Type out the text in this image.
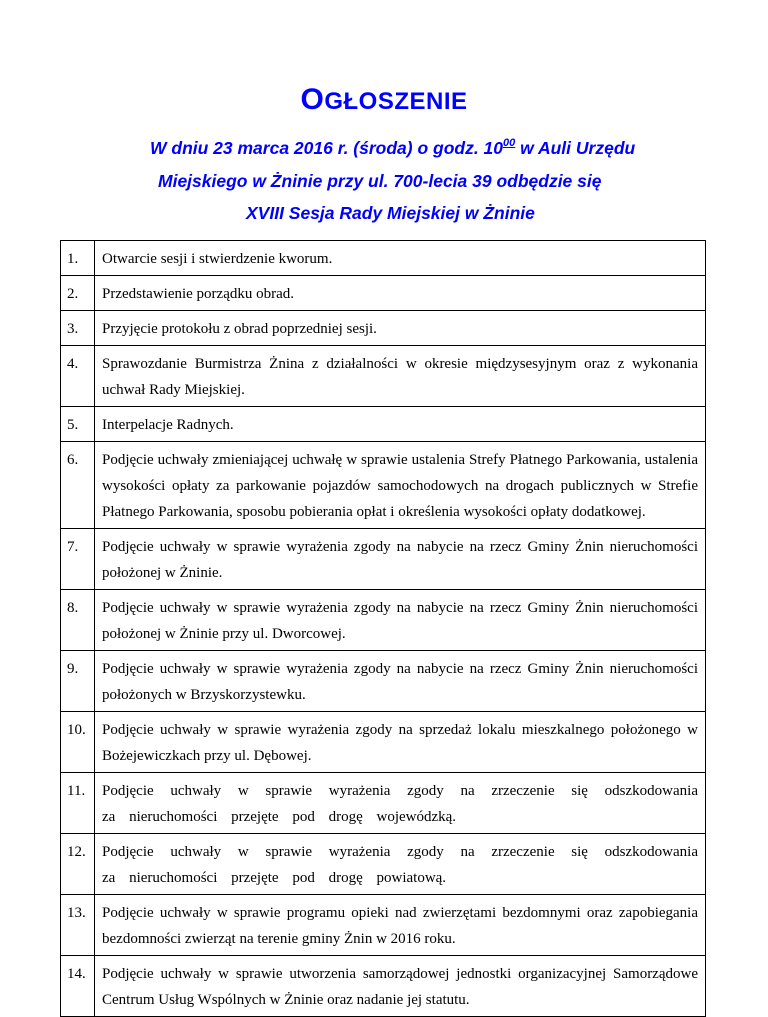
OGŁOSZENIE
W dniu 23 marca 2016 r. (środa) o godz. $10^{00}$ w Auli Urzędu
Miejskiego w Żninie przy ul. 700-lecia 39 odbędzie się
XVIII Sesja Rady Miejskiej w Żninie
1.	Otwarcie sesji i stwierdzenie kworum.
2.	Przedstawienie porządku obrad.
3.	Przyjęcie protokołu z obrad poprzedniej sesji.
4.	Sprawozdanie Burmistrza Żnina z działalności w okresie międzysesyjnym oraz z wykonania uchwał Rady Miejskiej.
5.	Interpelacje Radnych.
6.	Podjęcie uchwały zmieniającej uchwałę w sprawie ustalenia Strefy Płatnego Parkowania, ustalenia wysokości opłaty za parkowanie pojazdów samochodowych na drogach publicznych w Strefie Płatnego Parkowania, sposobu pobierania opłat i określenia wysokości opłaty dodatkowej.
7.	Podjęcie uchwały w sprawie wyrażenia zgody na nabycie na rzecz Gminy Żnin nieruchomości położonej w Żninie.
8.	Podjęcie uchwały w sprawie wyrażenia zgody na nabycie na rzecz Gminy Żnin nieruchomości położonej w Żninie przy ul. Dworcowej.
9.	Podjęcie uchwały w sprawie wyrażenia zgody na nabycie na rzecz Gminy Żnin nieruchomości położonych w Brzyskorzystewku.
10.	Podjęcie uchwały w sprawie wyrażenia zgody na sprzedaż lokalu mieszkalnego położonego w Bożejewiczkach przy ul. Dębowej.
11.	Podjęcie uchwały w sprawie wyrażenia zgody na zrzeczenie się odszkodowania za nieruchomości przejęte pod drogę wojewódzką.
12.	Podjęcie uchwały w sprawie wyrażenia zgody na zrzeczenie się odszkodowania za nieruchomości przejęte pod drogę powiatową.
13.	Podjęcie uchwały w sprawie programu opieki nad zwierzętami bezdomnymi oraz zapobiegania bezdomności zwierząt na terenie gminy Żnin w 2016 roku.
14.	Podjęcie uchwały w sprawie utworzenia samorządowej jednostki organizacyjnej Samorządowe Centrum Usług Wspólnych w Żninie oraz nadanie jej statutu.
